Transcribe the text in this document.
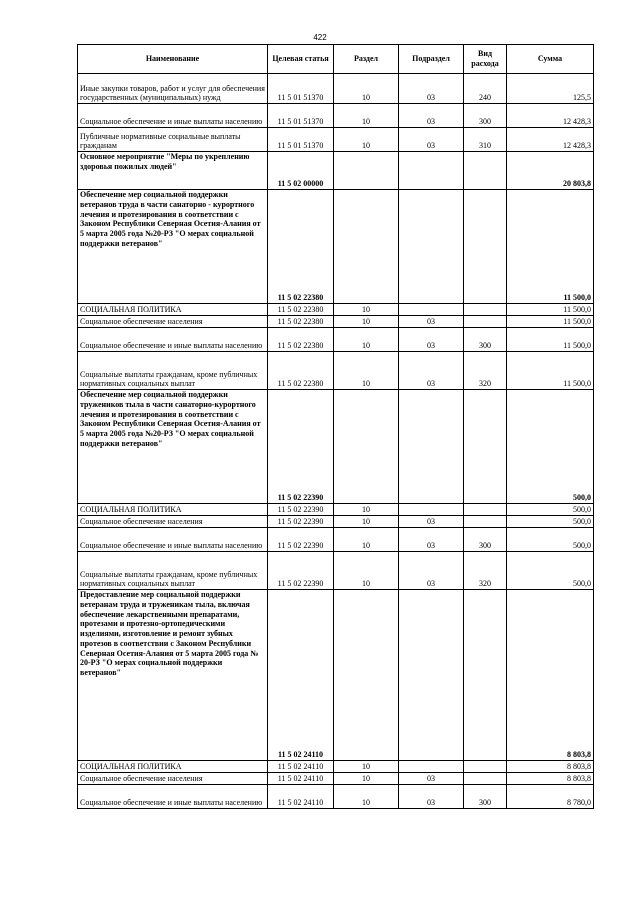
422
Наименование	Целевая статья	Раздел	Подраздел	Вид расхода	Сумма
Иные закупки товаров, работ и услуг для обеспечения государственных (муниципальных) нужд	11 5 01 51370	10	03	240	125,5
Социальное обеспечение и иные выплаты населению	11 5 01 51370	10	03	300	12 428,3
Публичные нормативные социальные выплаты гражданам	11 5 01 51370	10	03	310	12 428,3
Основное мероприятие "Меры по укреплению здоровья пожилых людей"	11 5 02 00000				20 803,8
Обеспечение мер социальной поддержки ветеранов труда в части санаторно - курортного лечения и протезирования в соответствии с Законом Республики Северная Осетия-Алания от 5 марта 2005 года №20-РЗ "О мерах социальной поддержки ветеранов"	11 5 02 22380				11 500,0
СОЦИАЛЬНАЯ ПОЛИТИКА	11 5 02 22380	10			11 500,0
Социальное обеспечение населения	11 5 02 22380	10	03		11 500,0
Социальное обеспечение и иные выплаты населению	11 5 02 22380	10	03	300	11 500,0
Социальные выплаты гражданам, кроме публичных нормативных социальных выплат	11 5 02 22380	10	03	320	11 500,0
Обеспечение мер социальной поддержки тружеников тыла в части санаторно-курортного лечения и протезирования в соответствии с Законом Республики Северная Осетия-Алания от 5 марта 2005 года №20-РЗ "О мерах социальной поддержки ветеранов"	11 5 02 22390				500,0
СОЦИАЛЬНАЯ ПОЛИТИКА	11 5 02 22390	10			500,0
Социальное обеспечение населения	11 5 02 22390	10	03		500,0
Социальное обеспечение и иные выплаты населению	11 5 02 22390	10	03	300	500,0
Социальные выплаты гражданам, кроме публичных нормативных социальных выплат	11 5 02 22390	10	03	320	500,0
Предоставление мер социальной поддержки ветеранам труда и труженикам тыла, включая обеспечение лекарственными препаратами, протезами и протезно-ортопедическими изделиями, изготовление и ремонт зубных протезов в соответствии с Законом Республики Северная Осетия-Алания от 5 марта 2005 года № 20-РЗ "О мерах социальной поддержки ветеранов"	11 5 02 24110				8 803,8
СОЦИАЛЬНАЯ ПОЛИТИКА	11 5 02 24110	10			8 803,8
Социальное обеспечение населения	11 5 02 24110	10	03		8 803,8
Социальное обеспечение и иные выплаты населению	11 5 02 24110	10	03	300	8 780,0
